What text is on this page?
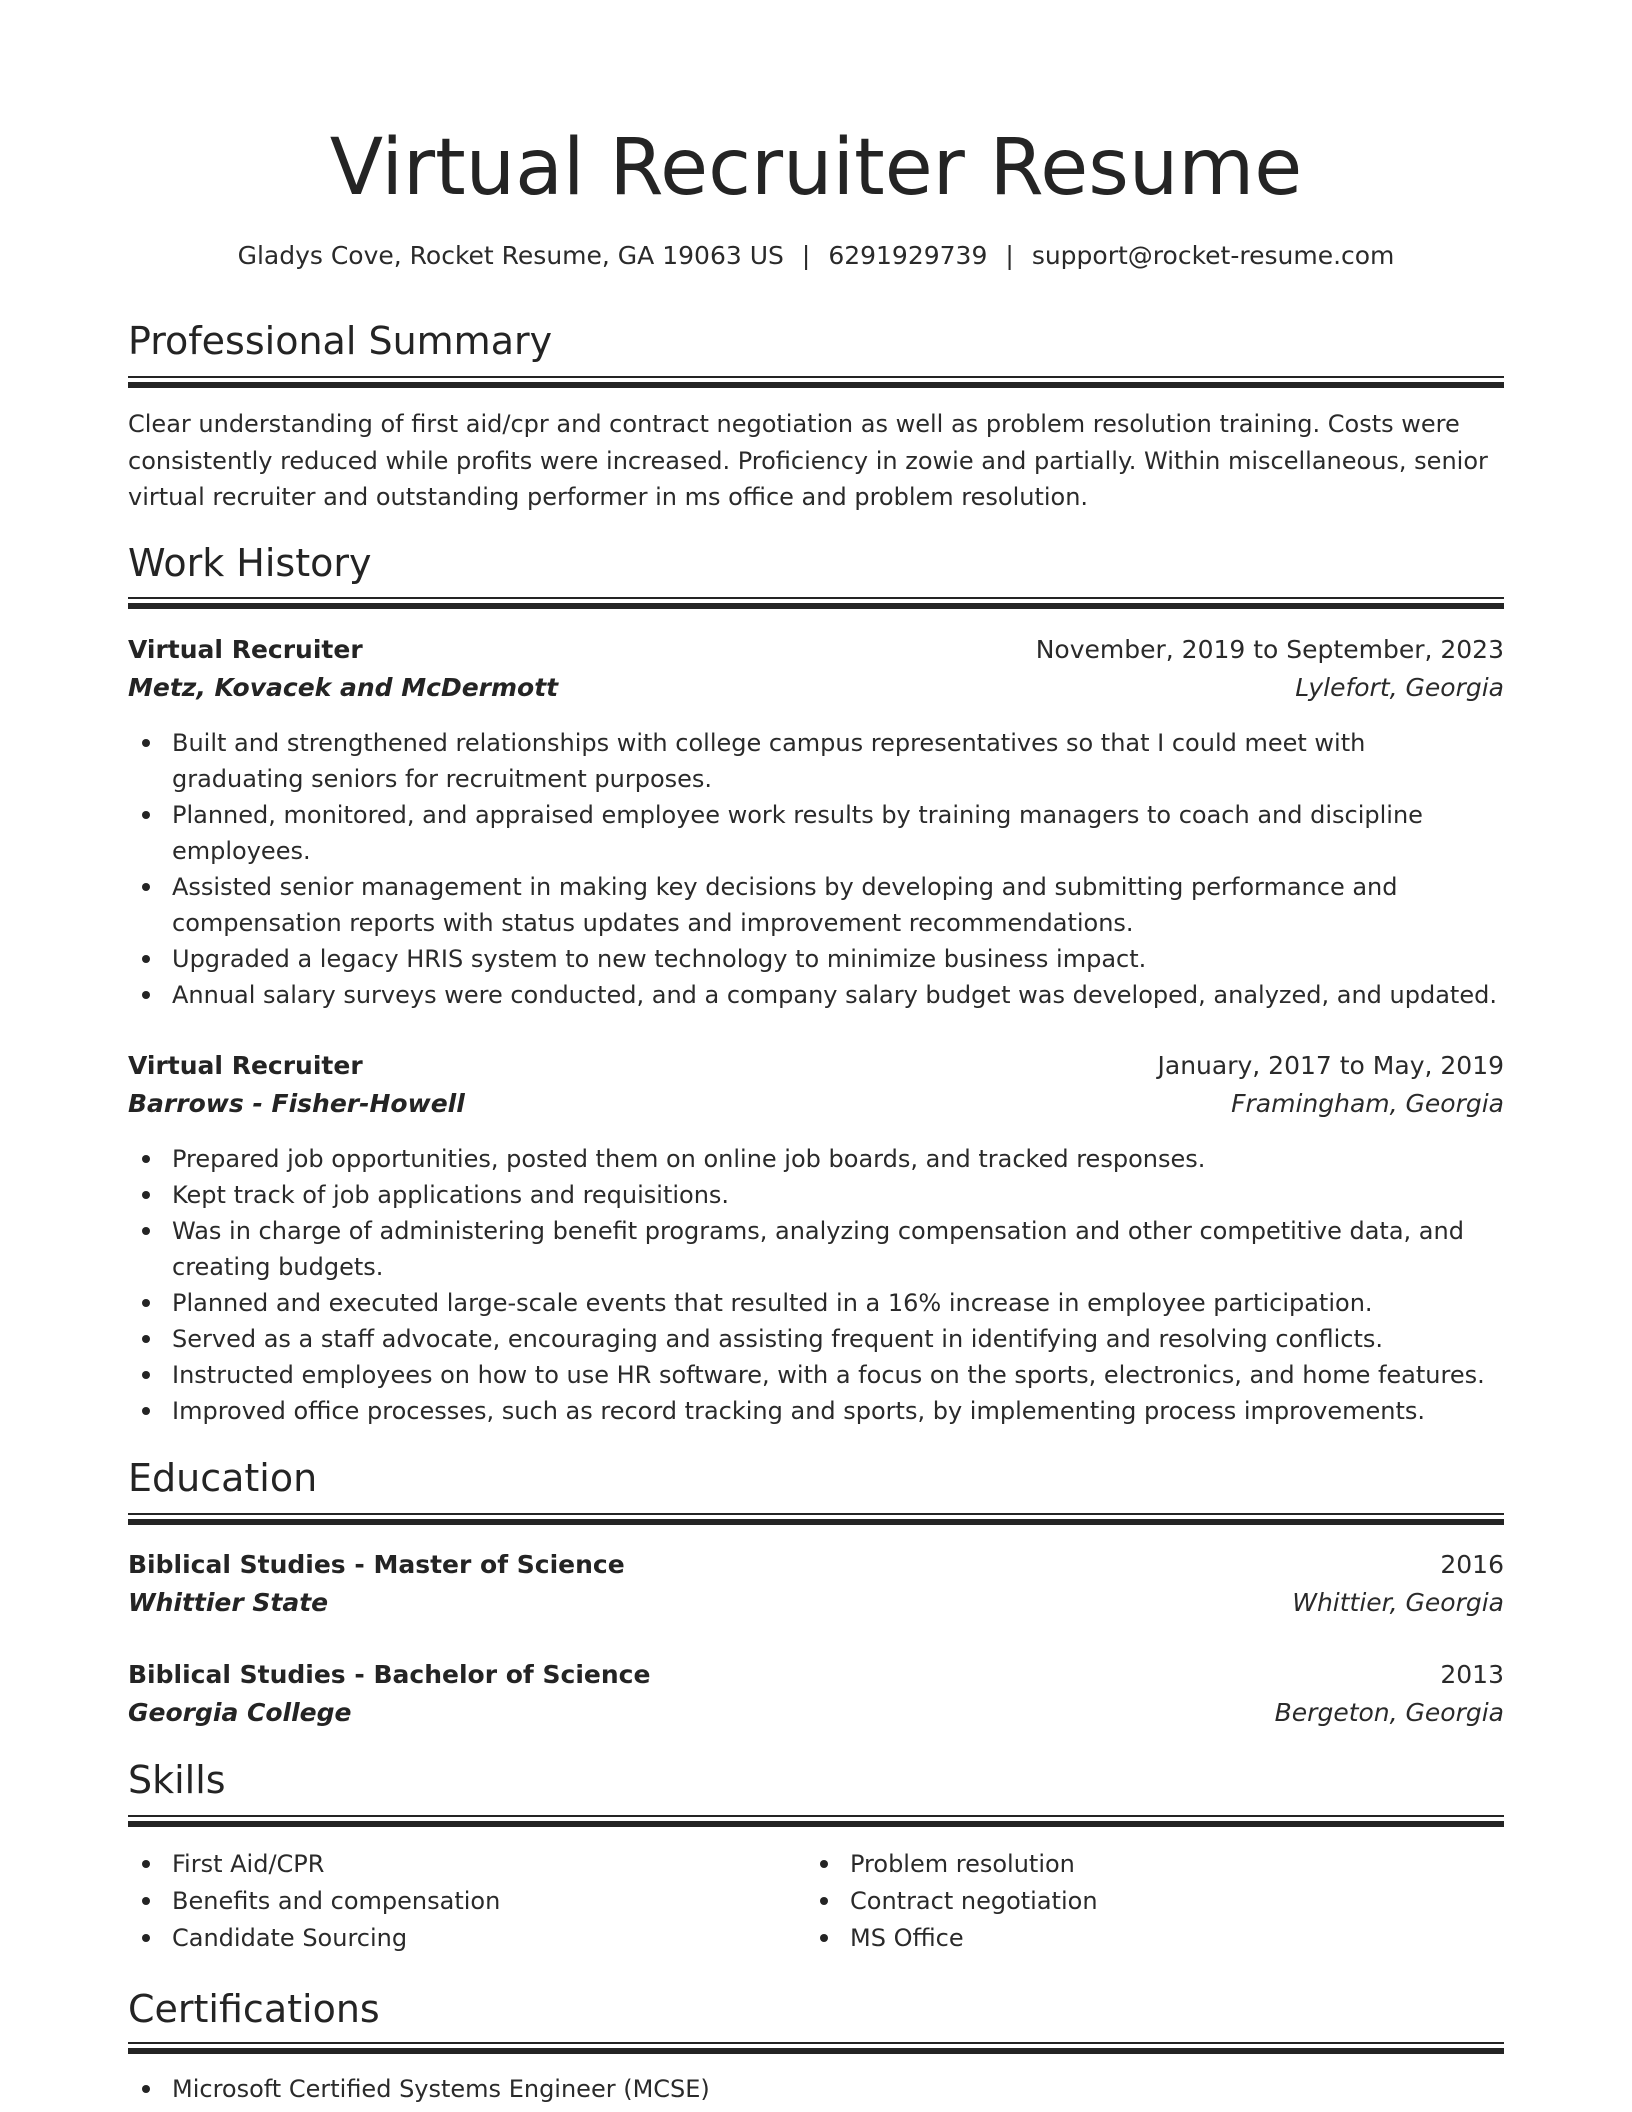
Virtual Recruiter Resume
Gladys Cove, Rocket Resume, GA 19063 US | 6291929739 | support@rocket-resume.com
Professional Summary

Clear understanding of first aid/cpr and contract negotiation as well as problem resolution training. Costs were consistently reduced while profits were increased. Proficiency in zowie and partially. Within miscellaneous, senior virtual recruiter and outstanding performer in ms office and problem resolution.

Work History
Virtual Recruiter	November, 2019 to September, 2023
Metz, Kovacek and McDermott	Lylefort, Georgia
Built and strengthened relationships with college campus representatives so that I could meet with graduating seniors for recruitment purposes.
Planned, monitored, and appraised employee work results by training managers to coach and discipline employees.
Assisted senior management in making key decisions by developing and submitting performance and compensation reports with status updates and improvement recommendations.
Upgraded a legacy HRIS system to new technology to minimize business impact.
Annual salary surveys were conducted, and a company salary budget was developed, analyzed, and updated.
Virtual Recruiter	January, 2017 to May, 2019
Barrows - Fisher-Howell	Framingham, Georgia
Prepared job opportunities, posted them on online job boards, and tracked responses.
Kept track of job applications and requisitions.
Was in charge of administering benefit programs, analyzing compensation and other competitive data, and creating budgets.
Planned and executed large-scale events that resulted in a 16% increase in employee participation.
Served as a staff advocate, encouraging and assisting frequent in identifying and resolving conflicts.
Instructed employees on how to use HR software, with a focus on the sports, electronics, and home features.
Improved office processes, such as record tracking and sports, by implementing process improvements.
Education
Biblical Studies - Master of Science	2016
Whittier State	Whittier, Georgia
Biblical Studies - Bachelor of Science	2013
Georgia College	Bergeton, Georgia
Skills
First Aid/CPR
Benefits and compensation
Candidate Sourcing
Problem resolution
Contract negotiation
MS Office
Certifications
Microsoft Certified Systems Engineer (MCSE)
